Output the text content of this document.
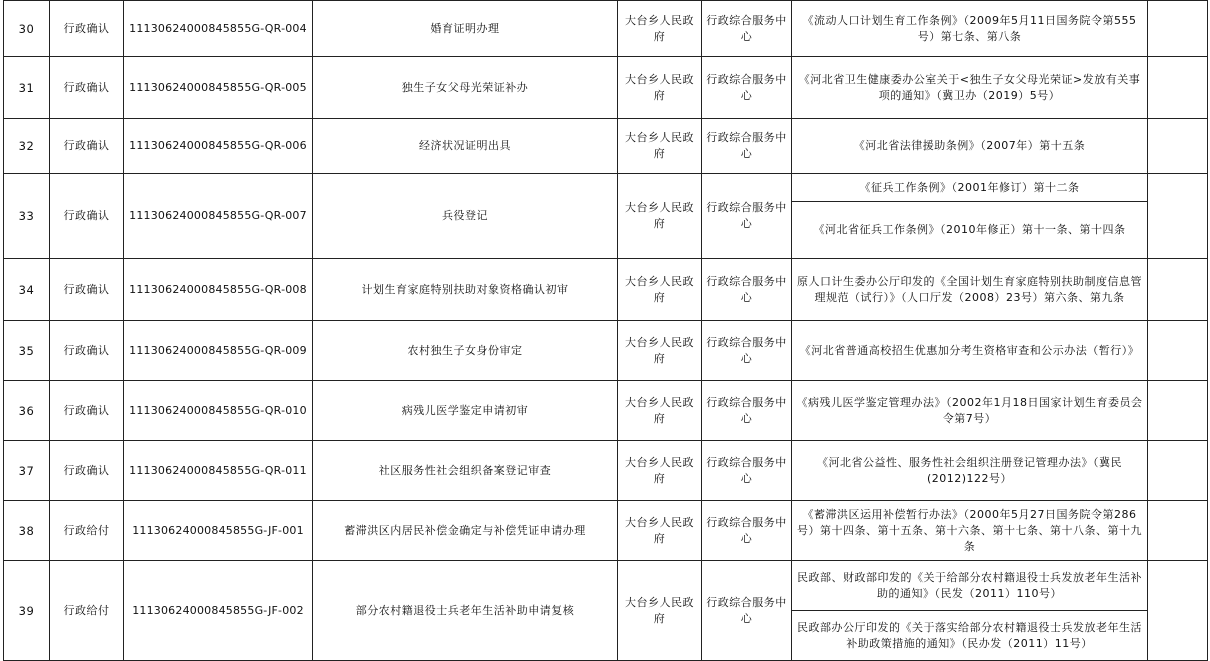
30	行政确认	11130624000845855G-QR-004	婚育证明办理	大台乡人民政府	行政综合服务中心	《流动人口计划生育工作条例》（2009年5月11日国务院令第555号）第七条、第八条	
31	行政确认	11130624000845855G-QR-005	独生子女父母光荣证补办	大台乡人民政府	行政综合服务中心	《河北省卫生健康委办公室关于<独生子女父母光荣证>发放有关事项的通知》（冀卫办（2019）5号）	
32	行政确认	11130624000845855G-QR-006	经济状况证明出具	大台乡人民政府	行政综合服务中心	《河北省法律援助条例》（2007年）第十五条	
33	行政确认	11130624000845855G-QR-007	兵役登记	大台乡人民政府	行政综合服务中心	《征兵工作条例》（2001年修订）第十二条	
						《河北省征兵工作条例》（2010年修正）第十一条、第十四条	
34	行政确认	11130624000845855G-QR-008	计划生育家庭特别扶助对象资格确认初审	大台乡人民政府	行政综合服务中心	原人口计生委办公厅印发的《全国计划生育家庭特别扶助制度信息管理规范（试行）》（人口厅发（2008）23号）第六条、第九条	
35	行政确认	11130624000845855G-QR-009	农村独生子女身份审定	大台乡人民政府	行政综合服务中心	《河北省普通高校招生优惠加分考生资格审查和公示办法（暂行）》	
36	行政确认	11130624000845855G-QR-010	病残儿医学鉴定申请初审	大台乡人民政府	行政综合服务中心	《病残儿医学鉴定管理办法》（2002年1月18日国家计划生育委员会令第7号）	
37	行政确认	11130624000845855G-QR-011	社区服务性社会组织备案登记审查	大台乡人民政府	行政综合服务中心	《河北省公益性、服务性社会组织注册登记管理办法》（冀民(2012)122号）	
38	行政给付	11130624000845855G-JF-001	蓄滞洪区内居民补偿金确定与补偿凭证申请办理	大台乡人民政府	行政综合服务中心	《蓄滞洪区运用补偿暂行办法》（2000年5月27日国务院令第286号）第十四条、第十五条、第十六条、第十七条、第十八条、第十九条	
39	行政给付	11130624000845855G-JF-002	部分农村籍退役士兵老年生活补助申请复核	大台乡人民政府	行政综合服务中心	民政部、财政部印发的《关于给部分农村籍退役士兵发放老年生活补助的通知》（民发（2011）110号）	
						民政部办公厅印发的《关于落实给部分农村籍退役士兵发放老年生活补助政策措施的通知》（民办发（2011）11号）	
